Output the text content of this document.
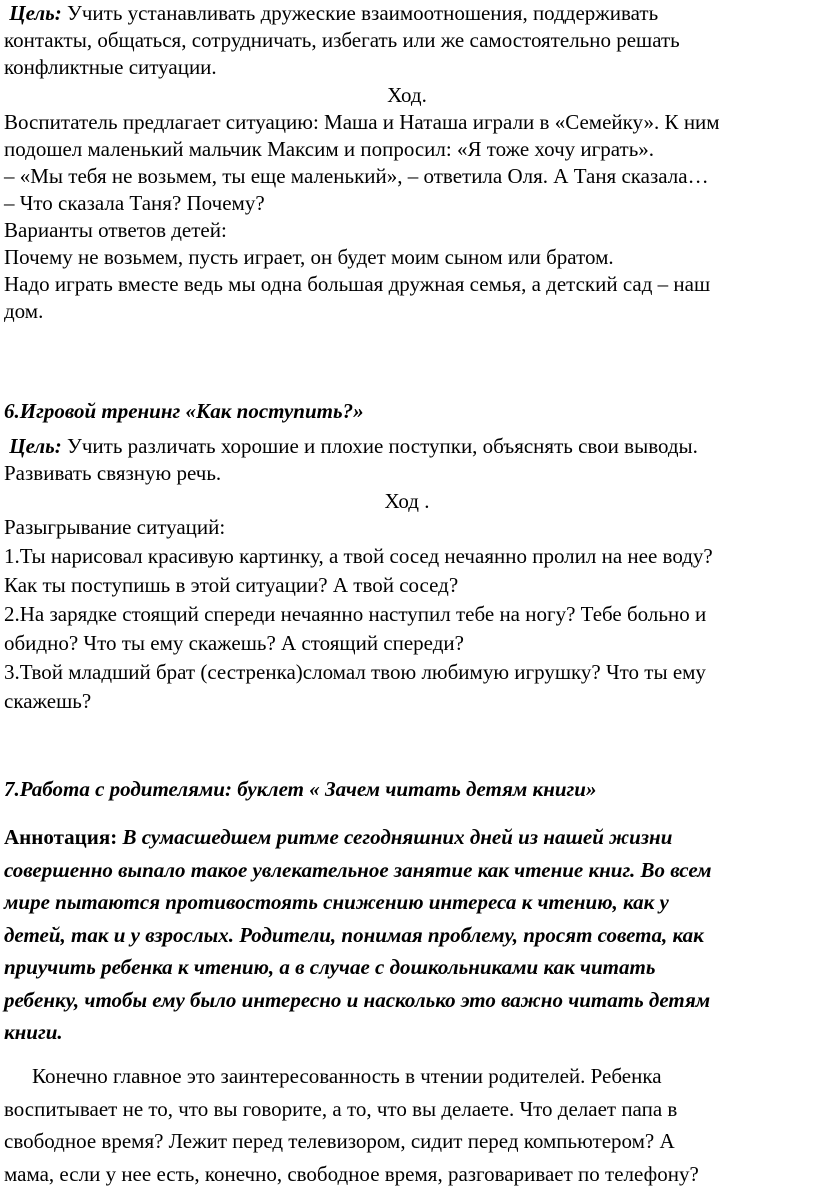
Цель: Учить устанавливать дружеские взаимоотношения, поддерживать
контакты, общаться, сотрудничать, избегать или же самостоятельно решать
конфликтные ситуации.
Ход.
Воспитатель предлагает ситуацию: Маша и Наташа играли в «Семейку». К ним
подошел маленький мальчик Максим и попросил: «Я тоже хочу играть».
– «Мы тебя не возьмем, ты еще маленький», – ответила Оля. А Таня сказала…
– Что сказала Таня? Почему?
Варианты ответов детей:
Почему не возьмем, пусть играет, он будет моим сыном или братом.
Надо играть вместе ведь мы одна большая дружная семья, а детский сад – наш
дом.
6.Игровой тренинг «Как поступить?»
Цель: Учить различать хорошие и плохие поступки, объяснять свои выводы.
Развивать связную речь.
Ход .
Разыгрывание ситуаций:
1.Ты нарисовал красивую картинку, а твой сосед нечаянно пролил на нее воду?
Как ты поступишь в этой ситуации? А твой сосед?
2.На зарядке стоящий спереди нечаянно наступил тебе на ногу? Тебе больно и
обидно? Что ты ему скажешь? А стоящий спереди?
3.Твой младший брат (сестренка)сломал твою любимую игрушку? Что ты ему
скажешь?
7.Работа с родителями: буклет « Зачем читать детям книги»
Аннотация: В сумасшедшем ритме сегодняшних дней из нашей жизни
совершенно выпало такое увлекательное занятие как чтение книг. Во всем
мире пытаются противостоять снижению интереса к чтению, как у
детей, так и у взрослых. Родители, понимая проблему, просят совета, как
приучить ребенка к чтению, а в случае с дошкольниками как читать
ребенку, чтобы ему было интересно и насколько это важно читать детям
книги.
Конечно главное это заинтересованность в чтении родителей. Ребенка
воспитывает не то, что вы говорите, а то, что вы делаете. Что делает папа в
свободное время? Лежит перед телевизором, сидит перед компьютером? А
мама, если у нее есть, конечно, свободное время, разговаривает по телефону?
